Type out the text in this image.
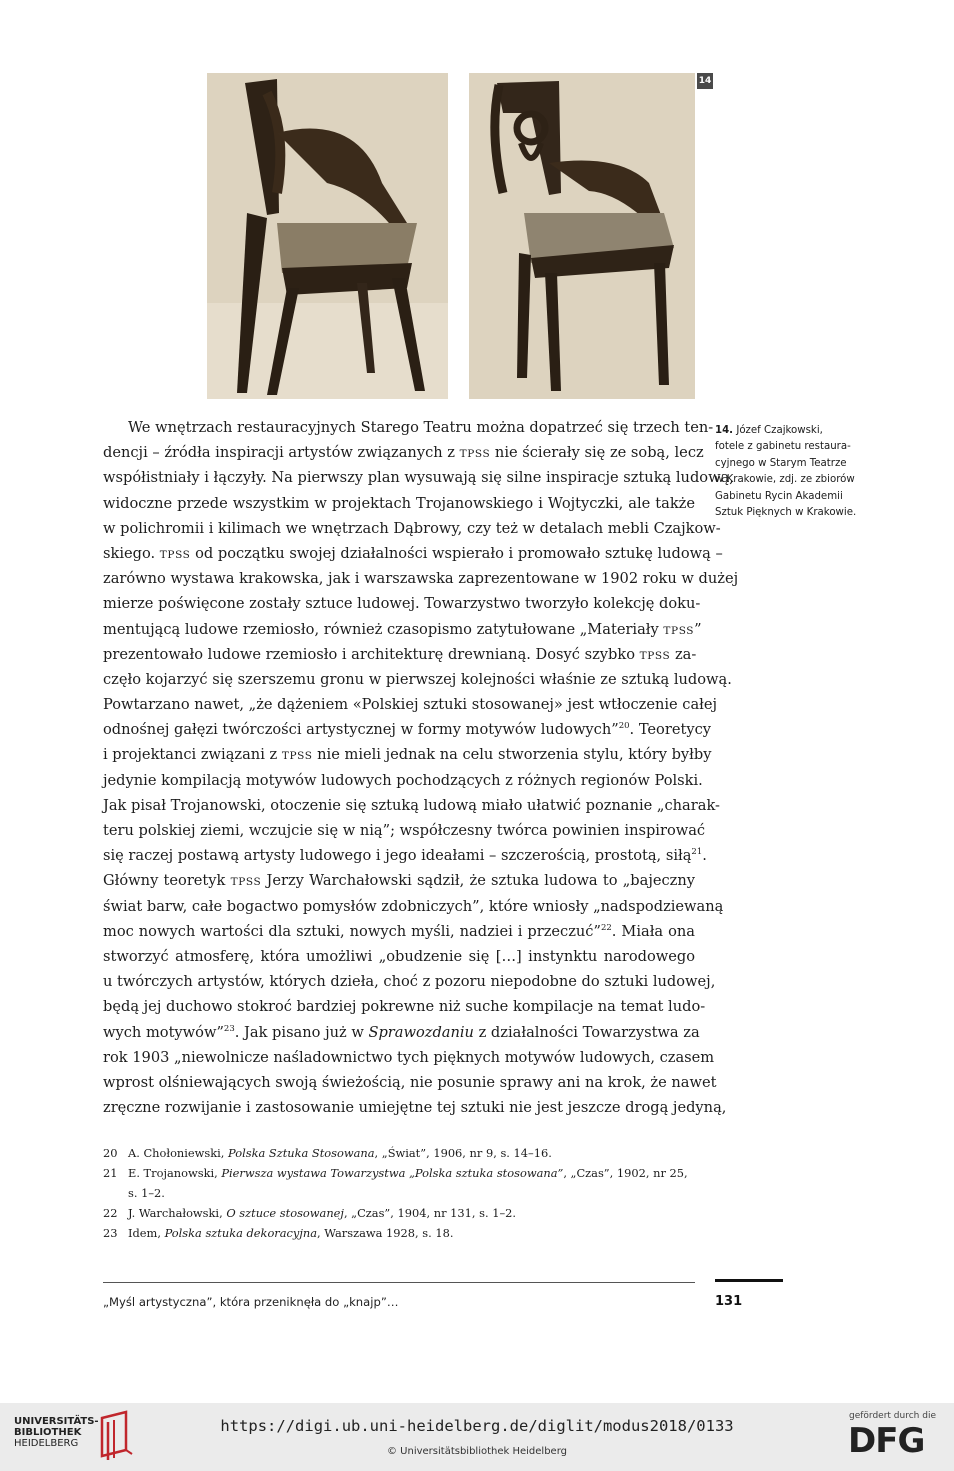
14
14. Józef Czajkowski,
fotele z gabinetu restaura-
cyjnego w Starym Teatrze
w Krakowie, zdj. ze zbiorów
Gabinetu Rycin Akademii
Sztuk Pięknych w Krakowie.
We wnętrzach restauracyjnych Starego Teatru można dopatrzeć się trzech ten-
dencji – źródła inspiracji artystów związanych z TPSS nie ścierały się ze sobą, lecz
współistniały i łączyły. Na pierwszy plan wysuwają się silne inspiracje sztuką ludową,
widoczne przede wszystkim w projektach Trojanowskiego i Wojtyczki, ale także
w polichromii i kilimach we wnętrzach Dąbrowy, czy też w detalach mebli Czajkow-
skiego. TPSS od początku swojej działalności wspierało i promowało sztukę ludową –
zarówno wystawa krakowska, jak i warszawska zaprezentowane w 1902 roku w dużej
mierze poświęcone zostały sztuce ludowej. Towarzystwo tworzyło kolekcję doku-
mentującą ludowe rzemiosło, również czasopismo zatytułowane „Materiały TPSS”
prezentowało ludowe rzemiosło i architekturę drewnianą. Dosyć szybko TPSS za-
częło kojarzyć się szerszemu gronu w pierwszej kolejności właśnie ze sztuką ludową.
Powtarzano nawet, „że dążeniem «Polskiej sztuki stosowanej» jest wtłoczenie całej
odnośnej gałęzi twórczości artystycznej w formy motywów ludowych”$^{20}$. Teoretycy
i projektanci związani z TPSS nie mieli jednak na celu stworzenia stylu, który byłby
jedynie kompilacją motywów ludowych pochodzących z różnych regionów Polski.
Jak pisał Trojanowski, otoczenie się sztuką ludową miało ułatwić poznanie „charak-
teru polskiej ziemi, wczujcie się w nią”; współczesny twórca powinien inspirować
się raczej postawą artysty ludowego i jego ideałami – szczerością, prostotą, siłą$^{21}$.
Główny teoretyk TPSS Jerzy Warchałowski sądził, że sztuka ludowa to „bajeczny
świat barw, całe bogactwo pomysłów zdobniczych”, które wniosły „nadspodziewaną
moc nowych wartości dla sztuki, nowych myśli, nadziei i przeczuć”$^{22}$. Miała ona
stworzyć atmosferę, która umożliwi „obudzenie się […] instynktu narodowego
u twórczych artystów, których dzieła, choć z pozoru niepodobne do sztuki ludowej,
będą jej duchowo stokroć bardziej pokrewne niż suche kompilacje na temat ludo-
wych motywów”$^{23}$. Jak pisano już w Sprawozdaniu z działalności Towarzystwa za
rok 1903 „niewolnicze naśladownictwo tych pięknych motywów ludowych, czasem
wprost olśniewających swoją świeżością, nie posunie sprawy ani na krok, że nawet
zręczne rozwijanie i zastosowanie umiejętne tej sztuki nie jest jeszcze drogą jedyną,
20 A. Chołoniewski, Polska Sztuka Stosowana, „Świat”, 1906, nr 9, s. 14–16.
21 E. Trojanowski, Pierwsza wystawa Towarzystwa „Polska sztuka stosowana”, „Czas”, 1902, nr 25,
s. 1–2.
22 J. Warchałowski, O sztuce stosowanej, „Czas”, 1904, nr 131, s. 1–2.
23 Idem, Polska sztuka dekoracyjna, Warszawa 1928, s. 18.
„Myśl artystyczna”, która przeniknęła do „knajp”…	131
UNIVERSITÄTS-
BIBLIOTHEK
HEIDELBERG
https://digi.ub.uni-heidelberg.de/diglit/modus2018/0133
© Universitätsbibliothek Heidelberg
gefördert durch die
DFG
